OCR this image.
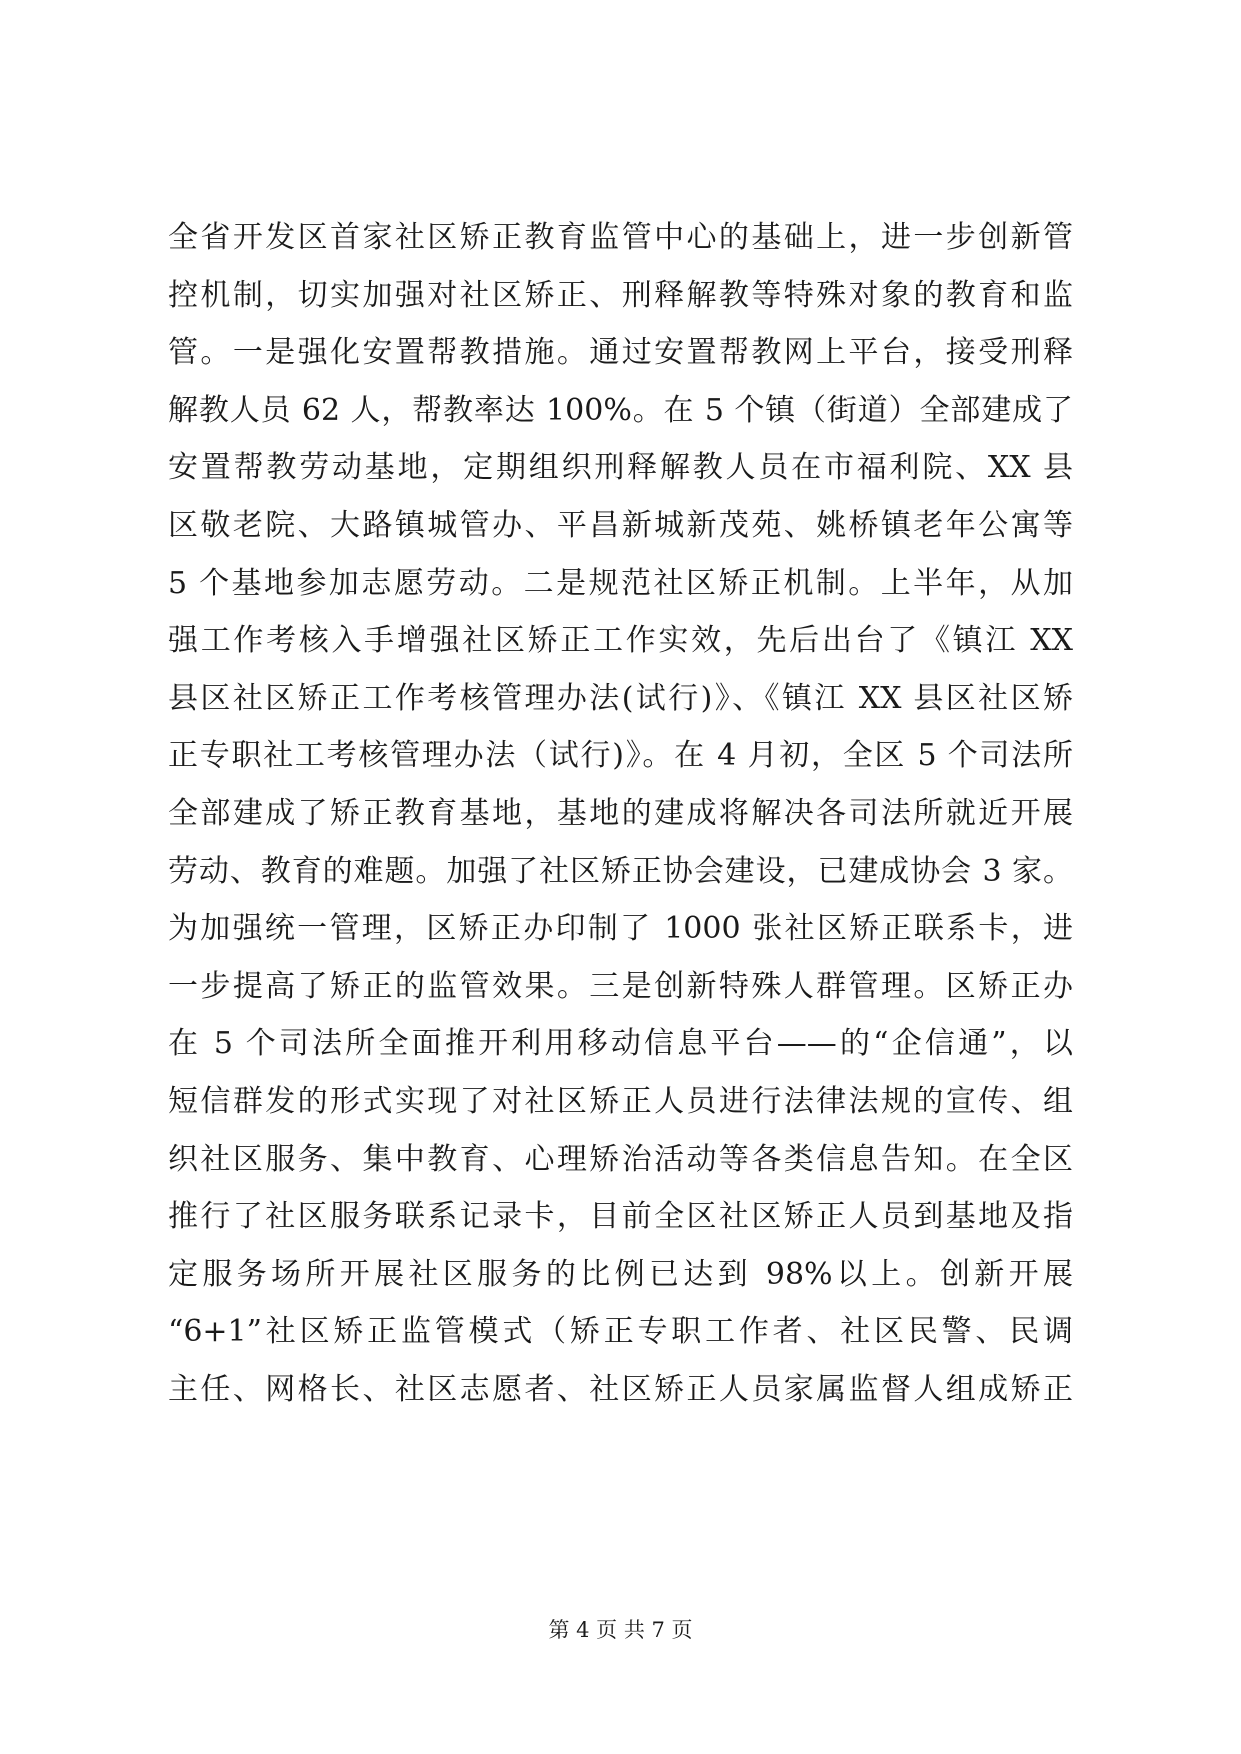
全省开发区首家社区矫正教育监管中心的基础上，进一步创新管
控机制，切实加强对社区矫正、刑释解教等特殊对象的教育和监
管。一是强化安置帮教措施。通过安置帮教网上平台，接受刑释
解教人员 62 人，帮教率达 100%。在 5 个镇（街道）全部建成了
安置帮教劳动基地，定期组织刑释解教人员在市福利院、XX 县
区敬老院、大路镇城管办、平昌新城新茂苑、姚桥镇老年公寓等
5 个基地参加志愿劳动。二是规范社区矫正机制。上半年，从加
强工作考核入手增强社区矫正工作实效，先后出台了《镇江 XX
县区社区矫正工作考核管理办法(试行)》、《镇江 XX 县区社区矫
正专职社工考核管理办法（试行)》。在 4 月初，全区 5 个司法所
全部建成了矫正教育基地，基地的建成将解决各司法所就近开展
劳动、教育的难题。加强了社区矫正协会建设，已建成协会 3 家。
为加强统一管理，区矫正办印制了 1000 张社区矫正联系卡，进
一步提高了矫正的监管效果。三是创新特殊人群管理。区矫正办
在 5 个司法所全面推开利用移动信息平台——的“企信通”，以
短信群发的形式实现了对社区矫正人员进行法律法规的宣传、组
织社区服务、集中教育、心理矫治活动等各类信息告知。在全区
推行了社区服务联系记录卡，目前全区社区矫正人员到基地及指
定服务场所开展社区服务的比例已达到 98%以上。创新开展
“6+1”社区矫正监管模式（矫正专职工作者、社区民警、民调
主任、网格长、社区志愿者、社区矫正人员家属监督人组成矫正
第 4 页 共 7 页
